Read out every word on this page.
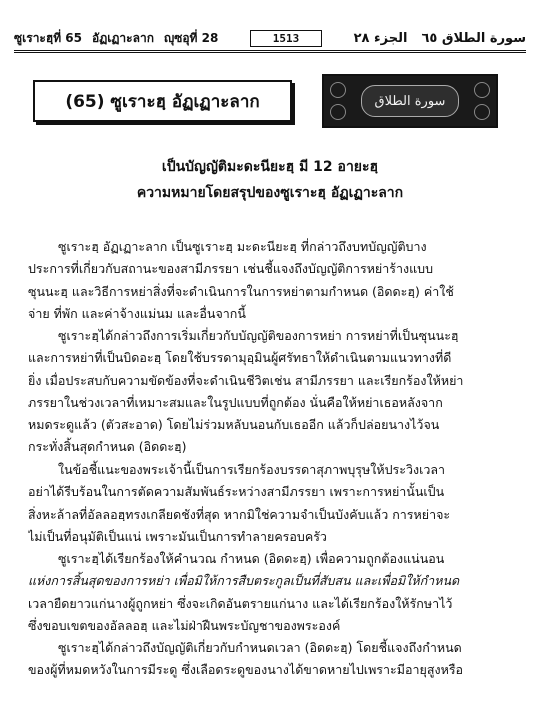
ซูเราะฮฺที่ 65 อัฏเฏาะลาก ญุซอุที่ 28	1513	الجزء ٢٨ سورة الطلاق ٦٥
(65) ซูเราะฮฺ อัฏเฏาะลาก	سورة الطلاق
เป็นบัญญัติมะดะนียะฮฺ มี 12 อายะฮฺ
ความหมายโดยสรุปของซูเราะฮฺ อัฏเฏาะลาก
ซูเราะฮฺ อัฏเฏาะลาก เป็นซูเราะฮฺ มะดะนียะฮฺ ที่กล่าวถึงบทบัญญัติบาง
ประการที่เกี่ยวกับสถานะของสามีภรรยา เช่นชี้แจงถึงบัญญัติการหย่าร้างแบบ
ซุนนะฮฺ และวิธีการหย่าสิ่งที่จะดำเนินการในการหย่าตามกำหนด (อิดดะฮฺ) ค่าใช้
จ่าย ที่พัก และค่าจ้างแม่นม และอื่นจากนี้
ซูเราะฮฺได้กล่าวถึงการเริ่มเกี่ยวกับบัญญัติของการหย่า การหย่าที่เป็นซุนนะฮฺ
และการหย่าที่เป็นบิดอะฮฺ โดยใช้บรรดามุอฺมินผู้ศรัทธาให้ดำเนินตามแนวทางที่ดี
ยิ่ง เมื่อประสบกับความขัดข้องที่จะดำเนินชีวิตเช่น สามีภรรยา และเรียกร้องให้หย่า
ภรรยาในช่วงเวลาที่เหมาะสมและในรูปแบบที่ถูกต้อง นั่นคือให้หย่าเธอหลังจาก
หมดระดูแล้ว (ตัวสะอาด) โดยไม่ร่วมหลับนอนกับเธออีก แล้วก็ปล่อยนางไว้จน
กระทั่งสิ้นสุดกำหนด (อิดดะฮฺ)
ในข้อชี้แนะของพระเจ้านี้เป็นการเรียกร้องบรรดาสุภาพบุรุษให้ประวิงเวลา
อย่าได้รีบร้อนในการตัดความสัมพันธ์ระหว่างสามีภรรยา เพราะการหย่านั้นเป็น
สิ่งหะล้าลที่อัลลอฮฺทรงเกลียดชังที่สุด หากมิใช่ความจำเป็นบังคับแล้ว การหย่าจะ
ไม่เป็นที่อนุมัติเป็นแน่ เพราะมันเป็นการทำลายครอบครัว
ซูเราะฮฺได้เรียกร้องให้คำนวณ กำหนด (อิดดะฮฺ) เพื่อความถูกต้องแน่นอน
แห่งการสิ้นสุดของการหย่า เพื่อมิให้การสืบตระกูลเป็นที่สับสน และเพื่อมิให้กำหนด
เวลายืดยาวแก่นางผู้ถูกหย่า ซึ่งจะเกิดอันตรายแก่นาง และได้เรียกร้องให้รักษาไว้
ซึ่งขอบเขตของอัลลอฮฺ และไม่ฝ่าฝืนพระบัญชาของพระองค์
ซูเราะฮฺได้กล่าวถึงบัญญัติเกี่ยวกับกำหนดเวลา (อิดดะฮฺ) โดยชี้แจงถึงกำหนด
ของผู้ที่หมดหวังในการมีระดู ซึ่งเลือดระดูของนางได้ขาดหายไปเพราะมีอายุสูงหรือ
